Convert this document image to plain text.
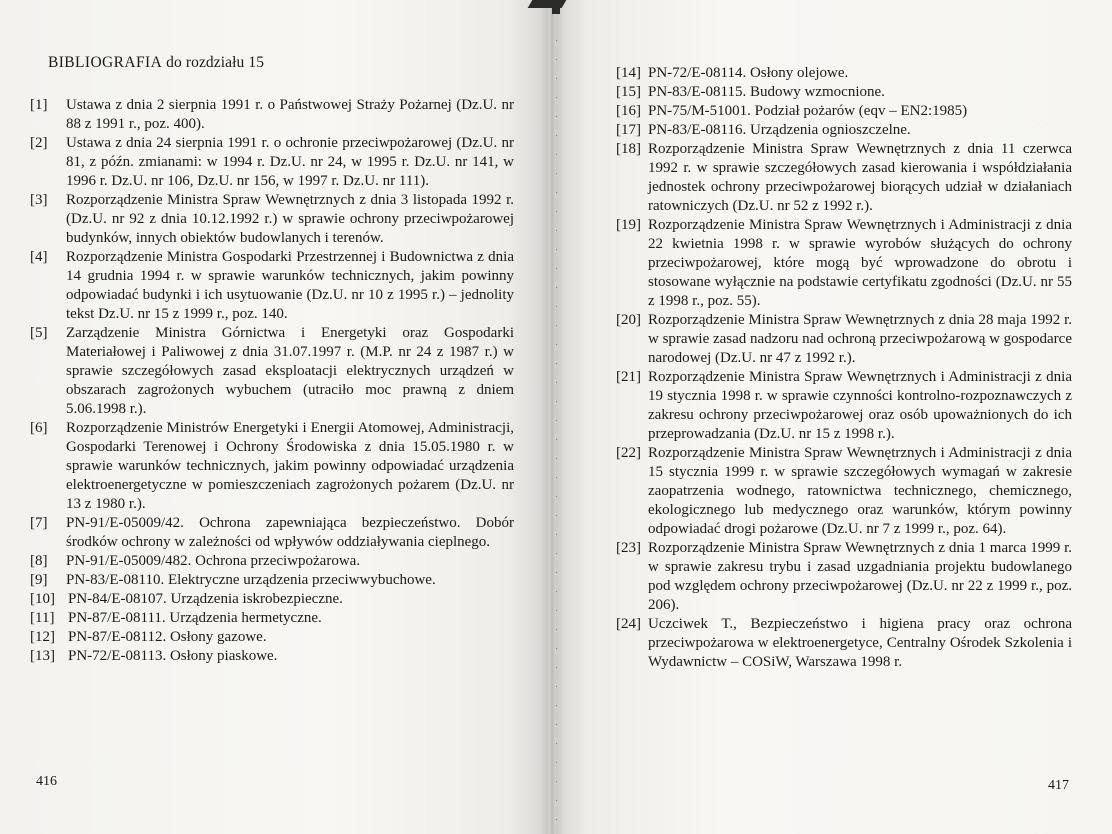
BIBLIOGRAFIA do rozdziału 15
[1]	Ustawa z dnia 2 sierpnia 1991 r. o Państwowej Straży Pożarnej (Dz.U. nr 88 z 1991 r., poz. 400).
[2]	Ustawa z dnia 24 sierpnia 1991 r. o ochronie przeciwpożarowej (Dz.U. nr 81, z późn. zmianami: w 1994 r. Dz.U. nr 24, w 1995 r. Dz.U. nr 141, w 1996 r. Dz.U. nr 106, Dz.U. nr 156, w 1997 r. Dz.U. nr 111).
[3]	Rozporządzenie Ministra Spraw Wewnętrznych z dnia 3 listopada 1992 r. (Dz.U. nr 92 z dnia 10.12.1992 r.) w sprawie ochrony przeciwpożarowej budynków, innych obiektów budowlanych i terenów.
[4]	Rozporządzenie Ministra Gospodarki Przestrzennej i Budownictwa z dnia 14 grudnia 1994 r. w sprawie warunków technicznych, jakim powinny odpowiadać budynki i ich usytuowanie (Dz.U. nr 10 z 1995 r.) – jednolity tekst Dz.U. nr 15 z 1999 r., poz. 140.
[5]	Zarządzenie Ministra Górnictwa i Energetyki oraz Gospodarki Materiałowej i Paliwowej z dnia 31.07.1997 r. (M.P. nr 24 z 1987 r.) w sprawie szczegółowych zasad eksploatacji elektrycznych urządzeń w obszarach zagrożonych wybuchem (utraciło moc prawną z dniem 5.06.1998 r.).
[6]	Rozporządzenie Ministrów Energetyki i Energii Atomowej, Administracji, Gospodarki Terenowej i Ochrony Środowiska z dnia 15.05.1980 r. w sprawie warunków technicznych, jakim powinny odpowiadać urządzenia elektroenergetyczne w pomieszczeniach zagrożonych pożarem (Dz.U. nr 13 z 1980 r.).
[7]	PN-91/E-05009/42. Ochrona zapewniająca bezpieczeństwo. Dobór środków ochrony w zależności od wpływów oddziaływania cieplnego.
[8]	PN-91/E-05009/482. Ochrona przeciwpożarowa.
[9]	PN-83/E-08110. Elektryczne urządzenia przeciwwybuchowe.
[10] PN-84/E-08107. Urządzenia iskrobezpieczne.
[11] PN-87/E-08111. Urządzenia hermetyczne.
[12] PN-87/E-08112. Osłony gazowe.
[13] PN-72/E-08113. Osłony piaskowe.
416	417
[14] PN-72/E-08114. Osłony olejowe.
[15] PN-83/E-08115. Budowy wzmocnione.
[16] PN-75/M-51001. Podział pożarów (eqv – EN2:1985)
[17] PN-83/E-08116. Urządzenia ognioszczelne.
[18] Rozporządzenie Ministra Spraw Wewnętrznych z dnia 11 czerwca 1992 r. w sprawie szczegółowych zasad kierowania i współdziałania jednostek ochrony przeciwpożarowej biorących udział w działaniach ratowniczych (Dz.U. nr 52 z 1992 r.).
[19] Rozporządzenie Ministra Spraw Wewnętrznych i Administracji z dnia 22 kwietnia 1998 r. w sprawie wyrobów służących do ochrony przeciwpożarowej, które mogą być wprowadzone do obrotu i stosowane wyłącznie na podstawie certyfikatu zgodności (Dz.U. nr 55 z 1998 r., poz. 55).
[20] Rozporządzenie Ministra Spraw Wewnętrznych z dnia 28 maja 1992 r. w sprawie zasad nadzoru nad ochroną przeciwpożarową w gospodarce narodowej (Dz.U. nr 47 z 1992 r.).
[21] Rozporządzenie Ministra Spraw Wewnętrznych i Administracji z dnia 19 stycznia 1998 r. w sprawie czynności kontrolno-rozpoznawczych z zakresu ochrony przeciwpożarowej oraz osób upoważnionych do ich przeprowadzania (Dz.U. nr 15 z 1998 r.).
[22] Rozporządzenie Ministra Spraw Wewnętrznych i Administracji z dnia 15 stycznia 1999 r. w sprawie szczegółowych wymagań w zakresie zaopatrzenia wodnego, ratownictwa technicznego, chemicznego, ekologicznego lub medycznego oraz warunków, którym powinny odpowiadać drogi pożarowe (Dz.U. nr 7 z 1999 r., poz. 64).
[23] Rozporządzenie Ministra Spraw Wewnętrznych z dnia 1 marca 1999 r. w sprawie zakresu trybu i zasad uzgadniania projektu budowlanego pod względem ochrony przeciwpożarowej (Dz.U. nr 22 z 1999 r., poz. 206).
[24] Uczciwek T., Bezpieczeństwo i higiena pracy oraz ochrona przeciwpożarowa w elektroenergetyce, Centralny Ośrodek Szkolenia i Wydawnictw – COSiW, Warszawa 1998 r.
